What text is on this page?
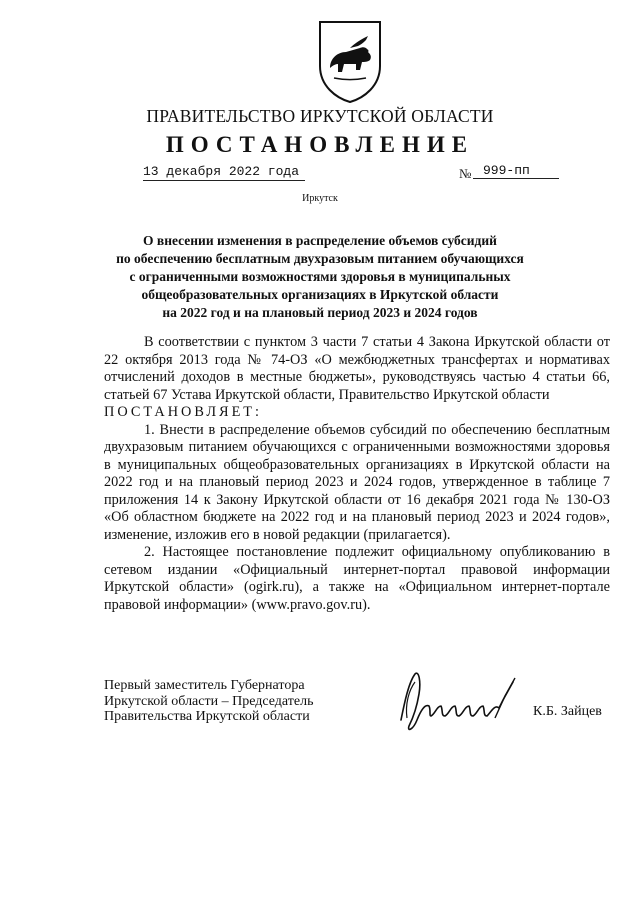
ПРАВИТЕЛЬСТВО ИРКУТСКОЙ ОБЛАСТИ
ПОСТАНОВЛЕНИЕ
13 декабря 2022 года	№ 999-пп
Иркутск
О внесении изменения в распределение объемов субсидий
по обеспечению бесплатным двухразовым питанием обучающихся
с ограниченными возможностями здоровья в муниципальных
общеобразовательных организациях в Иркутской области
на 2022 год и на плановый период 2023 и 2024 годов

В соответствии с пунктом 3 части 7 статьи 4 Закона Иркутской области от 22 октября 2013 года № 74-ОЗ «О межбюджетных трансфертах и нормативах отчислений доходов в местные бюджеты», руководствуясь частью 4 статьи 66, статьей 67 Устава Иркутской области, Правительство Иркутской области

ПОСТАНОВЛЯЕТ:

1. Внести в распределение объемов субсидий по обеспечению бесплатным двухразовым питанием обучающихся с ограниченными возможностями здоровья в муниципальных общеобразовательных организациях в Иркутской области на 2022 год и на плановый период 2023 и 2024 годов, утвержденное в таблице 7 приложения 14 к Закону Иркутской области от 16 декабря 2021 года № 130-ОЗ «Об областном бюджете на 2022 год и на плановый период 2023 и 2024 годов», изменение, изложив его в новой редакции (прилагается).

2. Настоящее постановление подлежит официальному опубликованию в сетевом издании «Официальный интернет-портал правовой информации Иркутской области» (ogirk.ru), а также на «Официальном интернет-портале правовой информации» (www.pravo.gov.ru).

Первый заместитель Губернатора
Иркутской области – Председатель
Правительства Иркутской области	К.Б. Зайцев
